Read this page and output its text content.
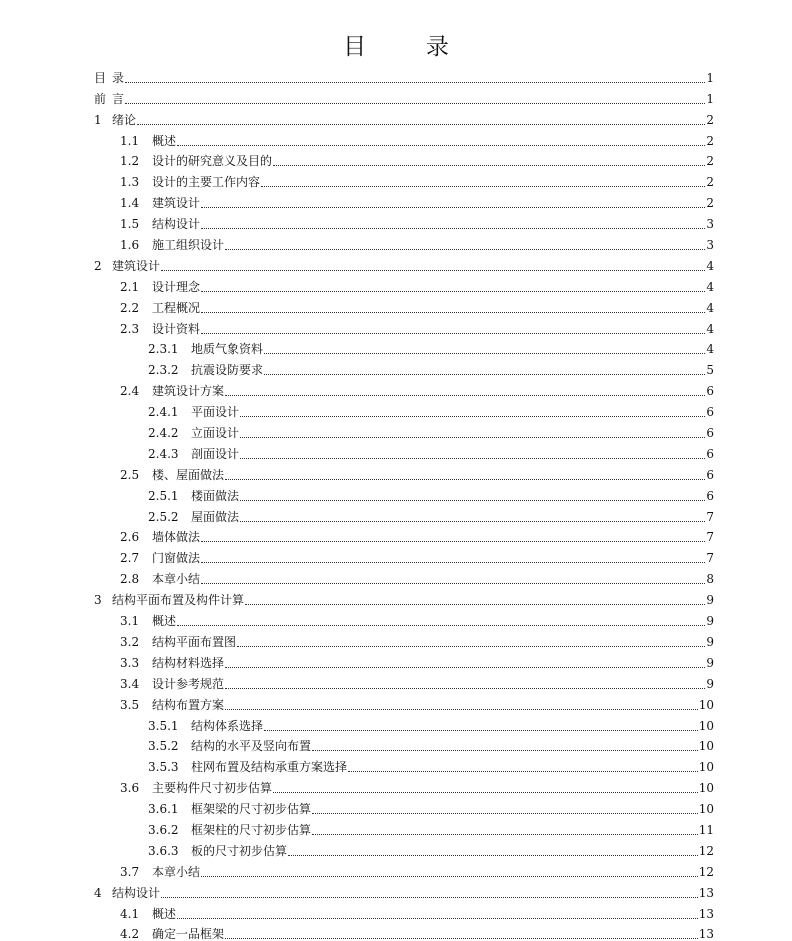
目　录
目 录	1
前 言	1
1 绪论	2
1.1	概述	2
1.2	设计的研究意义及目的	2
1.3	设计的主要工作内容	2
1.4	建筑设计	2
1.5	结构设计	3
1.6	施工组织设计	3
2 建筑设计	4
2.1	设计理念	4
2.2	工程概况	4
2.3	设计资料	4
2.3.1	地质气象资料	4
2.3.2	抗震设防要求	5
2.4	建筑设计方案	6
2.4.1	平面设计	6
2.4.2	立面设计	6
2.4.3	剖面设计	6
2.5	楼、屋面做法	6
2.5.1	楼面做法	6
2.5.2	屋面做法	7
2.6	墙体做法	7
2.7	门窗做法	7
2.8	本章小结	8
3 结构平面布置及构件计算	9
3.1	概述	9
3.2	结构平面布置图	9
3.3	结构材料选择	9
3.4	设计参考规范	9
3.5	结构布置方案	10
3.5.1	结构体系选择	10
3.5.2	结构的水平及竖向布置	10
3.5.3	柱网布置及结构承重方案选择	10
3.6	主要构件尺寸初步估算	10
3.6.1	框架梁的尺寸初步估算	10
3.6.2	框架柱的尺寸初步估算	11
3.6.3	板的尺寸初步估算	12
3.7	本章小结	12
4 结构设计	13
4.1	概述	13
4.2	确定一品框架	13
